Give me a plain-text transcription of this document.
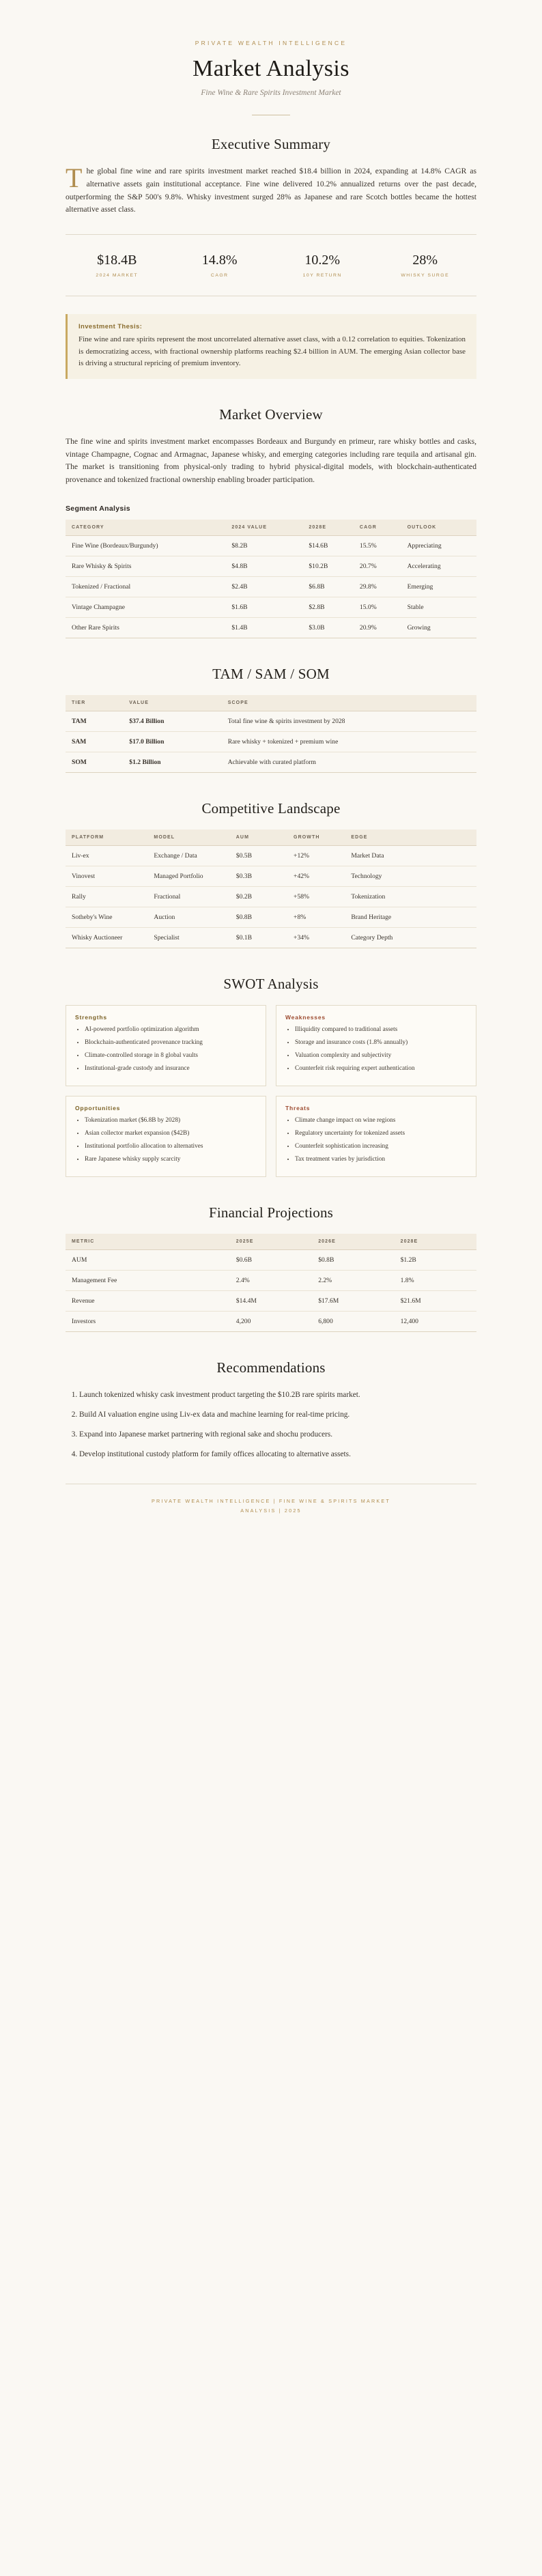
PRIVATE WEALTH INTELLIGENCE
Market Analysis
Fine Wine & Rare Spirits Investment Market
Executive Summary

The global fine wine and rare spirits investment market reached $18.4 billion in 2024, expanding at 14.8% CAGR as alternative assets gain institutional acceptance. Fine wine delivered 10.2% annualized returns over the past decade, outperforming the S&P 500's 9.8%. Whisky investment surged 28% as Japanese and rare Scotch bottles became the hottest alternative asset class.

$18.4B
2024 MARKET
14.8%
CAGR
10.2%
10Y RETURN
28%
WHISKY SURGE
Investment Thesis:
Fine wine and rare spirits represent the most uncorrelated alternative asset class, with a 0.12 correlation to equities. Tokenization is democratizing access, with fractional ownership platforms reaching $2.4 billion in AUM. The emerging Asian collector base is driving a structural repricing of premium inventory.
Market Overview

The fine wine and spirits investment market encompasses Bordeaux and Burgundy en primeur, rare whisky bottles and casks, vintage Champagne, Cognac and Armagnac, Japanese whisky, and emerging categories including rare tequila and artisanal gin. The market is transitioning from physical-only trading to hybrid physical-digital models, with blockchain-authenticated provenance and tokenized fractional ownership enabling broader participation.

Segment Analysis
CATEGORY	2024 VALUE	2028E	CAGR	OUTLOOK
Fine Wine (Bordeaux/Burgundy)	$8.2B	$14.6B	15.5%	Appreciating
Rare Whisky & Spirits	$4.8B	$10.2B	20.7%	Accelerating
Tokenized / Fractional	$2.4B	$6.8B	29.8%	Emerging
Vintage Champagne	$1.6B	$2.8B	15.0%	Stable
Other Rare Spirits	$1.4B	$3.0B	20.9%	Growing
TAM / SAM / SOM
TIER	VALUE	SCOPE
TAM	$37.4 Billion	Total fine wine & spirits investment by 2028
SAM	$17.0 Billion	Rare whisky + tokenized + premium wine
SOM	$1.2 Billion	Achievable with curated platform
Competitive Landscape
PLATFORM	MODEL	AUM	GROWTH	EDGE
Liv-ex	Exchange / Data	$0.5B	+12%	Market Data
Vinovest	Managed Portfolio	$0.3B	+42%	Technology
Rally	Fractional	$0.2B	+58%	Tokenization
Sotheby's Wine	Auction	$0.8B	+8%	Brand Heritage
Whisky Auctioneer	Specialist	$0.1B	+34%	Category Depth
SWOT Analysis
Strengths
• AI-powered portfolio optimization algorithm
• Blockchain-authenticated provenance tracking
• Climate-controlled storage in 8 global vaults
• Institutional-grade custody and insurance
Weaknesses
• Illiquidity compared to traditional assets
• Storage and insurance costs (1.8% annually)
• Valuation complexity and subjectivity
• Counterfeit risk requiring expert authentication
Opportunities
• Tokenization market ($6.8B by 2028)
• Asian collector market expansion ($42B)
• Institutional portfolio allocation to alternatives
• Rare Japanese whisky supply scarcity
Threats
• Climate change impact on wine regions
• Regulatory uncertainty for tokenized assets
• Counterfeit sophistication increasing
• Tax treatment varies by jurisdiction
Financial Projections
METRIC	2025E	2026E	2028E
AUM	$0.6B	$0.8B	$1.2B
Management Fee	2.4%	2.2%	1.8%
Revenue	$14.4M	$17.6M	$21.6M
Investors	4,200	6,800	12,400
Recommendations
1. Launch tokenized whisky cask investment product targeting the $10.2B rare spirits market.
2. Build AI valuation engine using Liv-ex data and machine learning for real-time pricing.
3. Expand into Japanese market partnering with regional sake and shochu producers.
4. Develop institutional custody platform for family offices allocating to alternative assets.
PRIVATE WEALTH INTELLIGENCE | FINE WINE & SPIRITS MARKET
ANALYSIS | 2025
